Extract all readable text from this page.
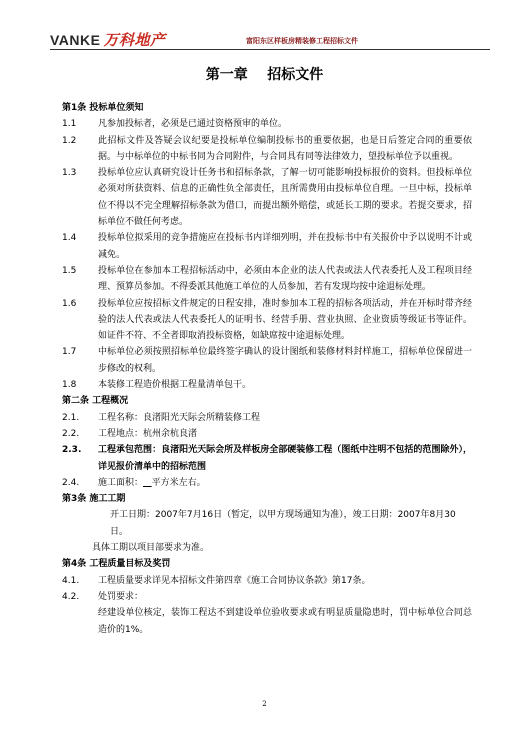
VANKE 万科地产	富阳东区样板房精装修工程招标文件
第一章    招标文件
第1条 投标单位须知
1.1	凡参加投标者，必须是已通过资格预审的单位。
1.2	此招标文件及答疑会议纪要是投标单位编制投标书的重要依据，也是日后签定合同的重要依据。与中标单位的中标书同为合同附件，与合同具有同等法律效力，望投标单位予以重视。
1.3	投标单位应认真研究设计任务书和招标条款，了解一切可能影响投标报价的资料。但投标单位必须对所获资料、信息的正确性负全部责任，且所需费用由投标单位自理。一旦中标，投标单位不得以不完全理解招标条款为借口，而提出额外赔偿，或延长工期的要求。若提交要求，招标单位不做任何考虑。
1.4	投标单位拟采用的竞争措施应在投标书内详细列明，并在投标书中有关报价中予以说明不计或减免。
1.5	投标单位在参加本工程招标活动中，必须由本企业的法人代表或法人代表委托人及工程项目经理、预算员参加。不得委派其他施工单位的人员参加，若有发现均按中途退标处理。
1.6	投标单位应按招标文件规定的日程安排，准时参加本工程的招标各项活动，并在开标时带齐经验的法人代表或法人代表委托人的证明书、经营手册、营业执照、企业资质等级证书等证件。如证件不符、不全者即取消投标资格，如缺席按中途退标处理。
1.7	中标单位必须按照招标单位最终签字确认的设计图纸和装修材料封样施工，招标单位保留进一步修改的权利。
1.8	本装修工程造价根据工程量清单包干。
第二条 工程概况
2.1.	工程名称：良渚阳光天际会所精装修工程
2.2.	工程地点：杭州余杭良渚
2.3.	工程承包范围：良渚阳光天际会所及样板房全部硬装修工程（图纸中注明不包括的范围除外），详见报价清单中的招标范围
2.4.	施工面积： 平方米左右。
第3条 施工工期
开工日期：2007年7月16日（暂定，以甲方现场通知为准），竣工日期：2007年8月30日。
具体工期以项目部要求为准。
第4条 工程质量目标及奖罚
4.1.	工程质量要求详见本招标文件第四章《施工合同协议条款》第17条。
4.2.	处罚要求：
经建设单位核定，装饰工程达不到建设单位验收要求或有明显质量隐患时，罚中标单位合同总造价的1%。
2
